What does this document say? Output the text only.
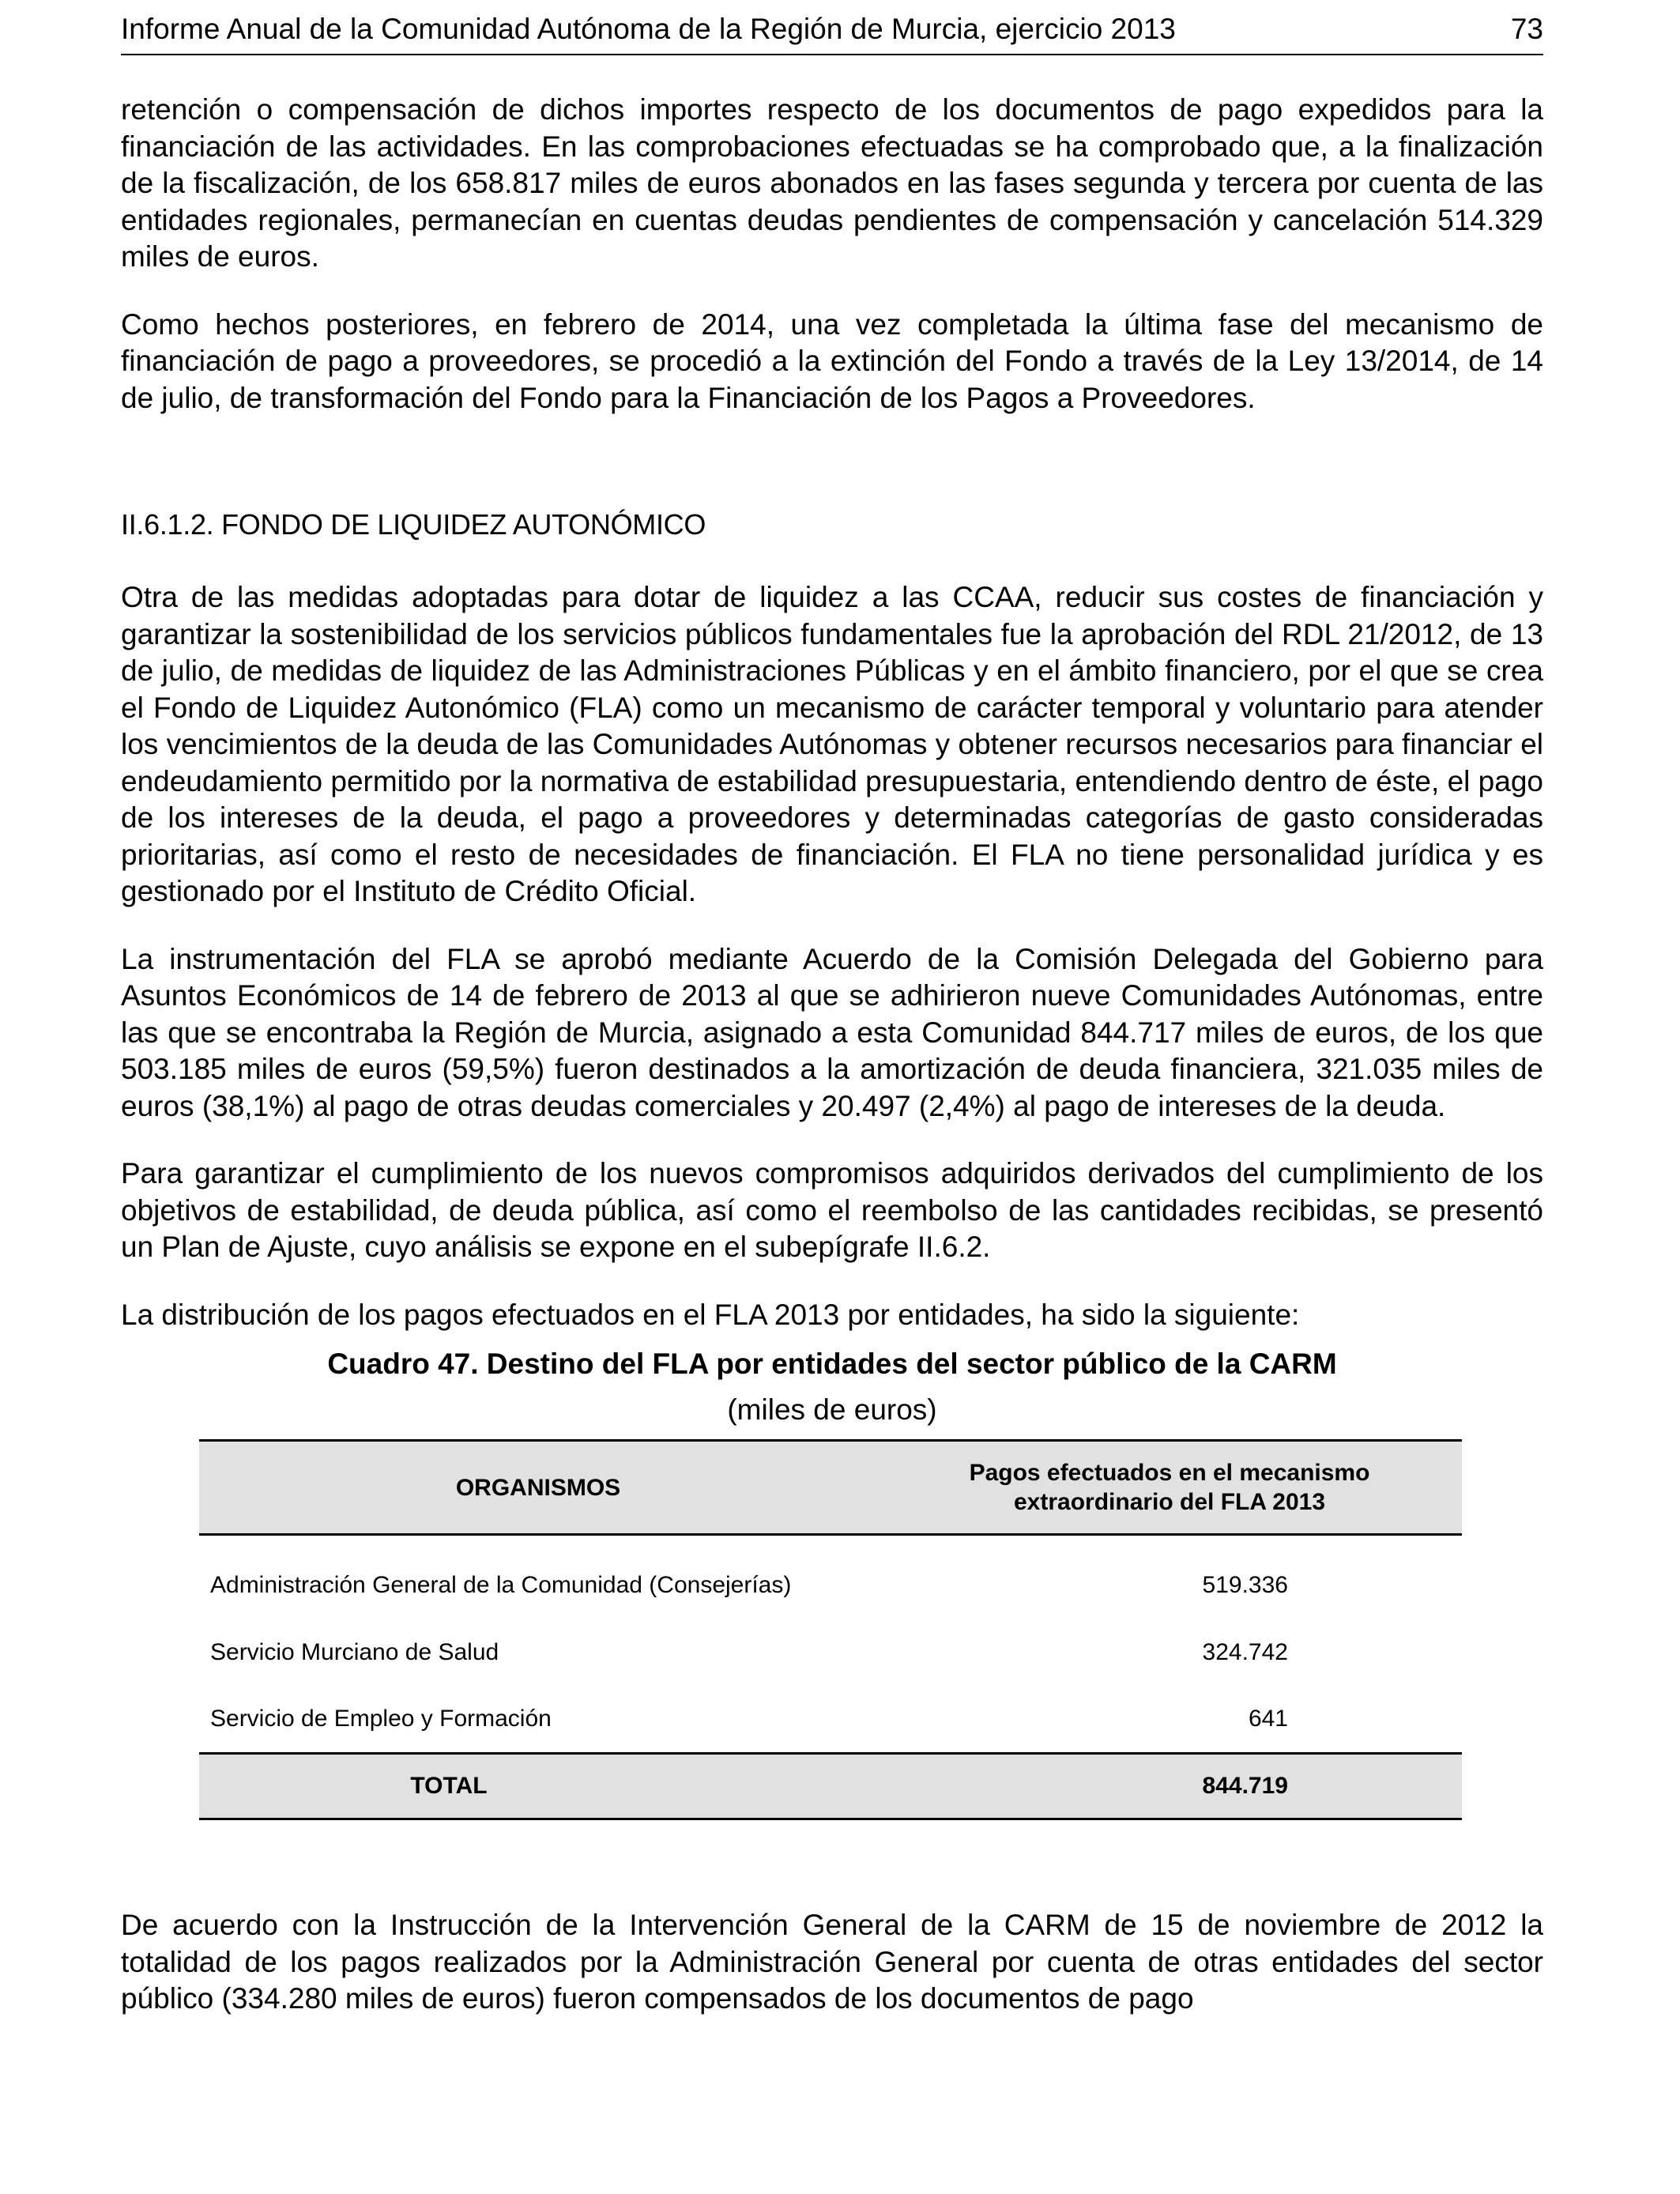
Informe Anual de la Comunidad Autónoma de la Región de Murcia, ejercicio 2013	73

retención o compensación de dichos importes respecto de los documentos de pago expedidos para la financiación de las actividades. En las comprobaciones efectuadas se ha comprobado que, a la finalización de la fiscalización, de los 658.817 miles de euros abonados en las fases segunda y tercera por cuenta de las entidades regionales, permanecían en cuentas deudas pendientes de compensación y cancelación 514.329 miles de euros.

Como hechos posteriores, en febrero de 2014, una vez completada la última fase del mecanismo de financiación de pago a proveedores, se procedió a la extinción del Fondo a través de la Ley 13/2014, de 14 de julio, de transformación del Fondo para la Financiación de los Pagos a Proveedores.

II.6.1.2. FONDO DE LIQUIDEZ AUTONÓMICO

Otra de las medidas adoptadas para dotar de liquidez a las CCAA, reducir sus costes de financiación y garantizar la sostenibilidad de los servicios públicos fundamentales fue la aprobación del RDL 21/2012, de 13 de julio, de medidas de liquidez de las Administraciones Públicas y en el ámbito financiero, por el que se crea el Fondo de Liquidez Autonómico (FLA) como un mecanismo de carácter temporal y voluntario para atender los vencimientos de la deuda de las Comunidades Autónomas y obtener recursos necesarios para financiar el endeudamiento permitido por la normativa de estabilidad presupuestaria, entendiendo dentro de éste, el pago de los intereses de la deuda, el pago a proveedores y determinadas categorías de gasto consideradas prioritarias, así como el resto de necesidades de financiación. El FLA no tiene personalidad jurídica y es gestionado por el Instituto de Crédito Oficial.

La instrumentación del FLA se aprobó mediante Acuerdo de la Comisión Delegada del Gobierno para Asuntos Económicos de 14 de febrero de 2013 al que se adhirieron nueve Comunidades Autónomas, entre las que se encontraba la Región de Murcia, asignado a esta Comunidad 844.717 miles de euros, de los que 503.185 miles de euros (59,5%) fueron destinados a la amortización de deuda financiera, 321.035 miles de euros (38,1%) al pago de otras deudas comerciales y 20.497 (2,4%) al pago de intereses de la deuda.

Para garantizar el cumplimiento de los nuevos compromisos adquiridos derivados del cumplimiento de los objetivos de estabilidad, de deuda pública, así como el reembolso de las cantidades recibidas, se presentó un Plan de Ajuste, cuyo análisis se expone en el subepígrafe II.6.2.

La distribución de los pagos efectuados en el FLA 2013 por entidades, ha sido la siguiente:

Cuadro 47. Destino del FLA por entidades del sector público de la CARM
(miles de euros)
ORGANISMOS	Pagos efectuados en el mecanismo extraordinario del FLA 2013
Administración General de la Comunidad (Consejerías)	519.336
Servicio Murciano de Salud	324.742
Servicio de Empleo y Formación	641
TOTAL	844.719

De acuerdo con la Instrucción de la Intervención General de la CARM de 15 de noviembre de 2012 la totalidad de los pagos realizados por la Administración General por cuenta de otras entidades del sector público (334.280 miles de euros) fueron compensados de los documentos de pago
